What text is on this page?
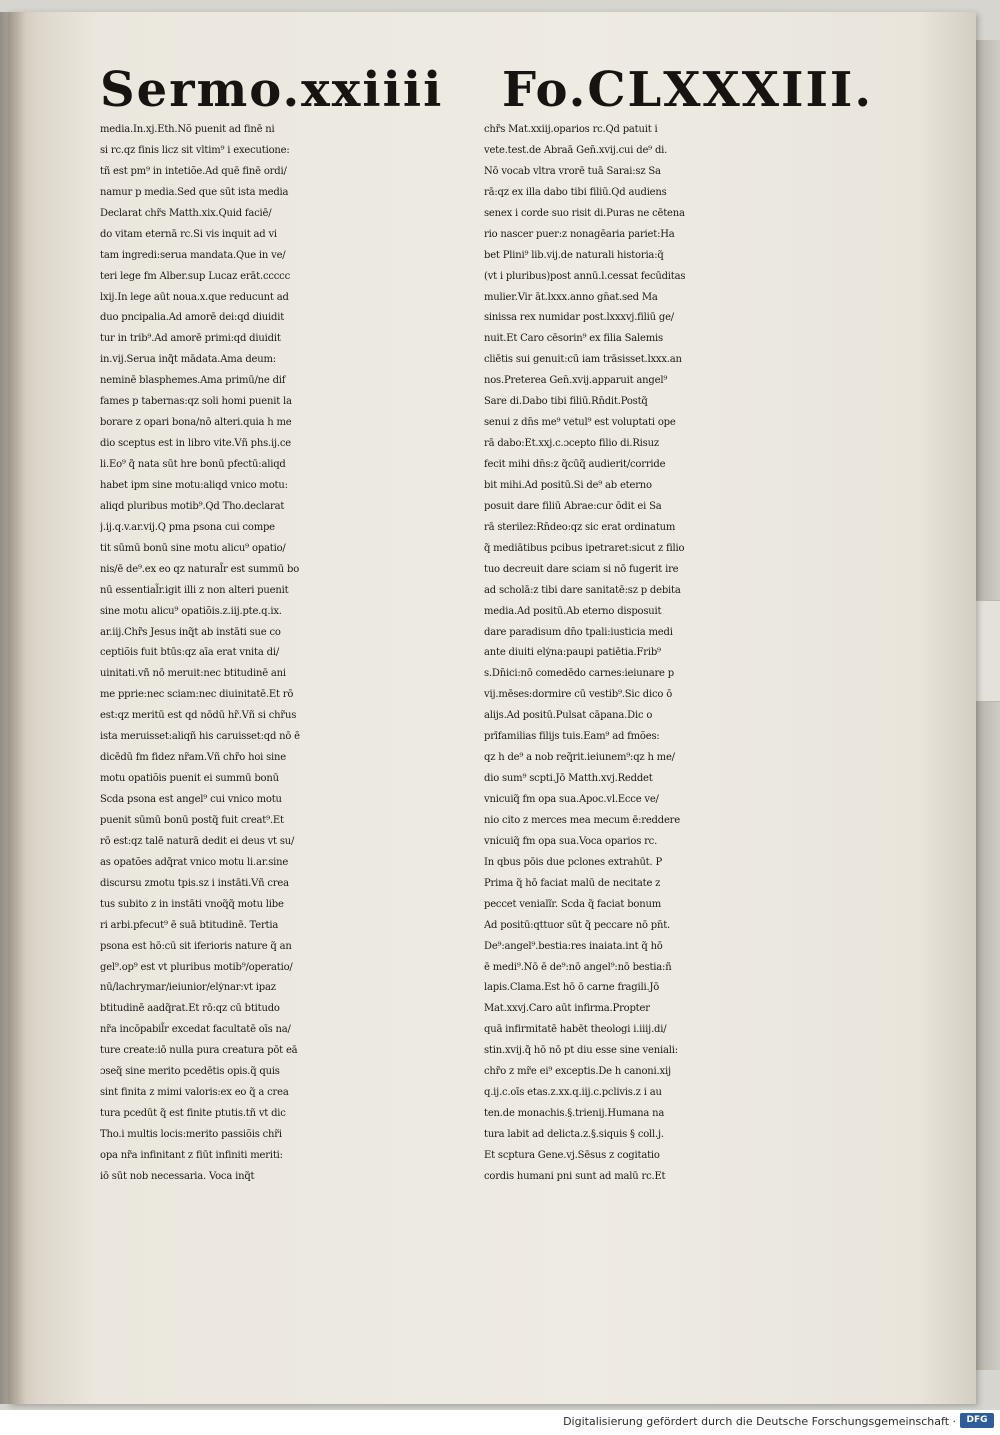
Sermo.xxiiii Fo.CLXXXIII.
media.In.xj.Eth.Nõ puenit ad finē ni
si rc.qz finis licz sit vltim⁹ i executione:
tñ est pm⁹ in intetiõe.Ad quē finē ordi/
namur p media.Sed que sūt ista media
Declarat chr̃s Matth.xix.Quid faciē/
do vitam eternā rc.Si vis inquit ad vi
tam ingredi:serua mandata.Que in ve/
teri lege fm Alber.sup Lucaz erāt.ccccc
lxij.In lege aūt noua.x.que reducunt ad
duo pncipalia.Ad amorē dei:qd diuidit
tur in trib⁹.Ad amorē primi:qd diuidit
in.vij.Serua inq̃t mādata.Ama deum:
neminē blasphemes.Ama primū/ne dif
fames p tabernas:qz soli homi puenit la
borare z opari bona/nō alteri.quia h me
dio sceptus est in libro vite.Vñ phs.ij.ce
li.Eo⁹ q̃ nata sūt hre bonū pfectū:aliqd
habet ipm sine motu:aliqd vnico motu:
aliqd pluribus motib⁹.Qd Tho.declarat
j.ij.q.v.ar.vij.Q pma psona cui compe
tit sūmū bonū sine motu alicu⁹ opatio/
nis/ē de⁹.ex eo qz natural̃r est summū bo
nū essential̃r.igit illi z non alteri puenit
sine motu alicu⁹ opatiõis.z.iij.pte.q.ix.
ar.iij.Chr̃s Jesus inq̃t ab instāti sue co
ceptiõis fuit btūs:qz aīa erat vnita di/
uinitati.vñ nō meruit:nec btitudinē ani
me pprie:nec sciam:nec diuinitatē.Et rō
est:qz meritū est qd nōdū hr̃.Vñ si chr̃us
ista meruisset:aliqñ his caruisset:qd nō ē
dicēdū fm fidez nr̃am.Vñ chr̃o hoi sine
motu opatiõis puenit ei summū bonū
Scda psona est angel⁹ cui vnico motu
puenit sūmū bonū postq̃ fuit creat⁹.Et
rō est:qz talē naturā dedit ei deus vt su/
as opatões adq̃rat vnico motu li.ar.sine
discursu zmotu tpis.sz i instāti.Vñ crea
tus subito z in instāti vnoq̃q̃ motu libe
ri arbi.pfecut⁹ ē suā btitudinē. Tertia
psona est hō:cū sit iferioris nature q̃ an
gel⁹.op⁹ est vt pluribus motib⁹/operatio/
nū/lachrymar/ieiunior/elẏnar:vt ipaz
btitudinē aadq̃rat.Et rō:qz cū btitudo
nr̃a incōpabil̃r excedat facultatē oīs na/
ture create:iō nulla pura creatura pōt eā
ɔseq̃ sine merito pcedētis opis.q̃ quis
sint finita z mimi valoris:ex eo q̃ a crea
tura pcedūt q̃ est finite ptutis.tñ vt dic
Tho.i multis locis:merito passiõis chr̃i
opa nr̃a infinitant z fiūt infiniti meriti:
iō sūt nob necessaria. Voca inq̃t
chr̃s Mat.xxiij.oparios rc.Qd patuit i
vete.test.de Abraā Gen̄.xvij.cui de⁹ di.
Nō vocab vltra vrorē tuā Sarai:sz Sa
rā:qz ex illa dabo tibi filiū.Qd audiens
senex i corde suo risit di.Puras ne cētena
rio nascer puer:z nonagēaria pariet:Ha
bet Plini⁹ lib.vij.de naturali historia:q̃
(vt i pluribus)post annū.l.cessat fecūditas
mulier.Vir āt.lxxx.anno gn̄at.sed Ma
sinissa rex numidar post.lxxxvj.filiū ge/
nuit.Et Caro cēsorin⁹ ex filia Salemis
cliētis sui genuit:cū iam trāsisset.lxxx.an
nos.Preterea Gen̄.xvij.apparuit angel⁹
Sare di.Dabo tibi filiū.Rn̄dit.Postq̃
senui z dn̄s me⁹ vetul⁹ est voluptati ope
rā dabo:Et.xxj.c.ɔcepto filio di.Risuz
fecit mihi dn̄s:z q̃cūq̃ audierit/corride
bit mihi.Ad positū.Si de⁹ ab eterno
posuit dare filiū Abrae:cur ōdit ei Sa
rā sterilez:Rn̄deo:qz sic erat ordinatum
q̃ mediātibus pcibus ipetraret:sicut z filio
tuo decreuit dare sciam si nō fugerit ire
ad scholā:z tibi dare sanitatē:sz p debita
media.Ad positū.Ab eterno disposuit
dare paradisum dn̄o tpali:iusticia medi
ante diuiti elẏna:paupi patiētia.Frib⁹
s.Dn̄ici:nō comedēdo carnes:ieiunare p
vij.mēses:dormire cū vestib⁹.Sic dico ō
alijs.Ad positū.Pulsat cāpana.Dic o
prīfamilias filijs tuis.Eam⁹ ad fmões:
qz h de⁹ a nob req̃rit.ieiunem⁹:qz h me/
dio sum⁹ scpti.Jō Matth.xvj.Reddet
vnicuiq̃ fm opa sua.Apoc.vl.Ecce ve/
nio cito z merces mea mecum ē:reddere
vnicuiq̃ fm opa sua.Voca oparios rc.
In qbus pōis due pclones extrahūt. P
Prima q̃ hō faciat malū de necitate z
peccet venialĩr. Scda q̃ faciat bonum
Ad positū:qttuor sūt q̃ peccare nō pn̄t.
De⁹:angel⁹.bestia:res inaiata.int q̃ hō
ē medi⁹.Nō ē de⁹:nō angel⁹:nō bestia:ñ
lapis.Clama.Est hō ō carne fragili.Jō
Mat.xxvj.Caro aūt infirma.Propter
quā infirmitatē habēt theologi i.iiij.di/
stin.xvij.q̃ hō nō pt diu esse sine veniali:
chr̃o z mr̃e ei⁹ exceptis.De h canoni.xij
q.ij.c.oīs etas.z.xx.q.iij.c.pclivis.z i au
ten.de monachis.§.trienij.Humana na
tura labit ad delicta.z.§.siquis § coll.j.
Et scptura Gene.vj.Sēsus z cogitatio
cordis humani pni sunt ad malū rc.Et
Digitalisierung gefördert durch die Deutsche Forschungsgemeinschaft ·	DFG
